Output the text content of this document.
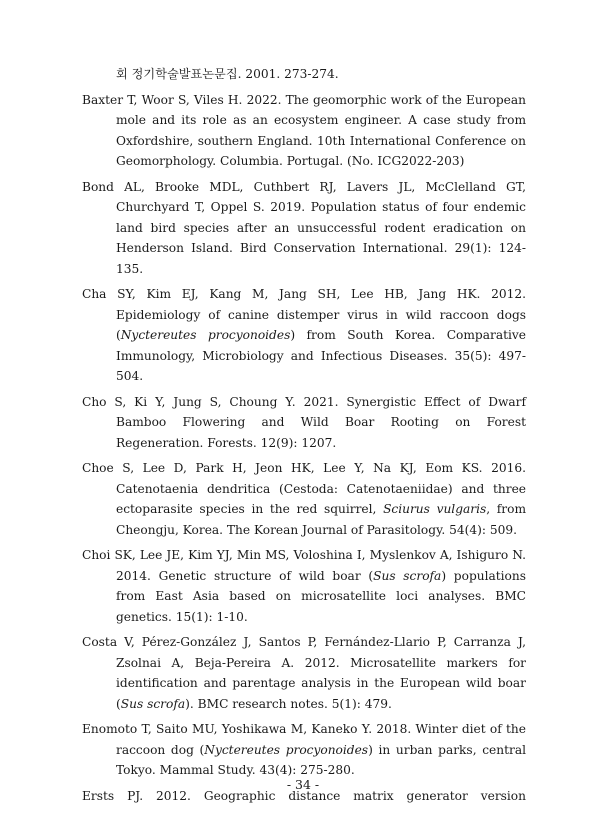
회 정기학술발표논문집. 2001. 273-274.

Baxter T, Woor S, Viles H. 2022. The geomorphic work of the European mole and its role as an ecosystem engineer. A case study from Oxfordshire, southern England. 10th International Conference on Geomorphology. Columbia. Portugal. (No. ICG2022-203)

Bond AL, Brooke MDL, Cuthbert RJ, Lavers JL, McClelland GT, Churchyard T, Oppel S. 2019. Population status of four endemic land bird species after an unsuccessful rodent eradication on Henderson Island. Bird Conservation International. 29(1): 124-135.

Cha SY, Kim EJ, Kang M, Jang SH, Lee HB, Jang HK. 2012. Epidemiology of canine distemper virus in wild raccoon dogs (Nyctereutes procyonoides) from South Korea. Comparative Immunology, Microbiology and Infectious Diseases. 35(5): 497-504.

Cho S, Ki Y, Jung S, Choung Y. 2021. Synergistic Effect of Dwarf Bamboo Flowering and Wild Boar Rooting on Forest Regeneration. Forests. 12(9): 1207.

Choe S, Lee D, Park H, Jeon HK, Lee Y, Na KJ, Eom KS. 2016. Catenotaenia dendritica (Cestoda: Catenotaeniidae) and three ectoparasite species in the red squirrel, Sciurus vulgaris, from Cheongju, Korea. The Korean Journal of Parasitology. 54(4): 509.

Choi SK, Lee JE, Kim YJ, Min MS, Voloshina I, Myslenkov A, Ishiguro N. 2014. Genetic structure of wild boar (Sus scrofa) populations from East Asia based on microsatellite loci analyses. BMC genetics. 15(1): 1-10.

Costa V, Pérez-González J, Santos P, Fernández-Llario P, Carranza J, Zsolnai A, Beja-Pereira A. 2012. Microsatellite markers for identification and parentage analysis in the European wild boar (Sus scrofa). BMC research notes. 5(1): 479.

Enomoto T, Saito MU, Yoshikawa M, Kaneko Y. 2018. Winter diet of the raccoon dog (Nyctereutes procyonoides) in urban parks, central Tokyo. Mammal Study. 43(4): 275-280.

Ersts PJ. 2012. Geographic distance matrix generator version

- 34 -
